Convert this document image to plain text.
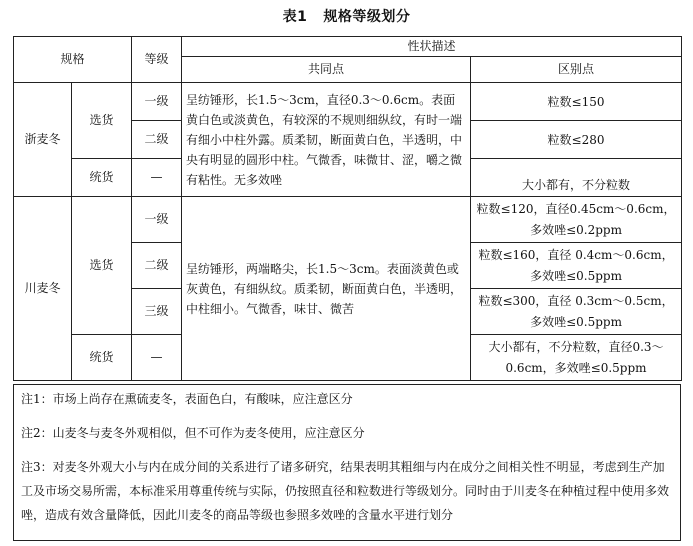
表1 规格等级划分
规格		等级	性状描述	
			共同点	区别点
浙麦冬	选货	一级	呈纺锤形，长1.5～3cm，直径0.3～0.6cm。表面黄白色或淡黄色，有较深的不规则细纵纹，有时一端有细小中柱外露。质柔韧，断面黄白色，半透明，中央有明显的圆形中柱。气微香，味微甘、涩，嚼之微有粘性。无多效唑	粒数≤150
		二级		粒数≤280
	统货	—		大小都有，不分粒数
川麦冬	选货	一级	呈纺锤形，两端略尖，长1.5～3cm。表面淡黄色或灰黄色，有细纵纹。质柔韧，断面黄白色，半透明，中柱细小。气微香，味甘、微苦	粒数≤120，直径0.45cm～0.6cm，多效唑≤0.2ppm
		二级		粒数≤160，直径 0.4cm～0.6cm，多效唑≤0.5ppm
		三级		粒数≤300，直径 0.3cm～0.5cm，多效唑≤0.5ppm
	统货	—		大小都有，不分粒数，直径0.3～0.6cm，多效唑≤0.5ppm
注1：市场上尚存在熏硫麦冬，表面色白，有酸味，应注意区分
注2：山麦冬与麦冬外观相似，但不可作为麦冬使用，应注意区分
注3：对麦冬外观大小与内在成分间的关系进行了诸多研究，结果表明其粗细与内在成分之间相关性不明显，考虑到生产加工及市场交易所需，本标准采用尊重传统与实际，仍按照直径和粒数进行等级划分。同时由于川麦冬在种植过程中使用多效唑，造成有效含量降低，因此川麦冬的商品等级也参照多效唑的含量水平进行划分
